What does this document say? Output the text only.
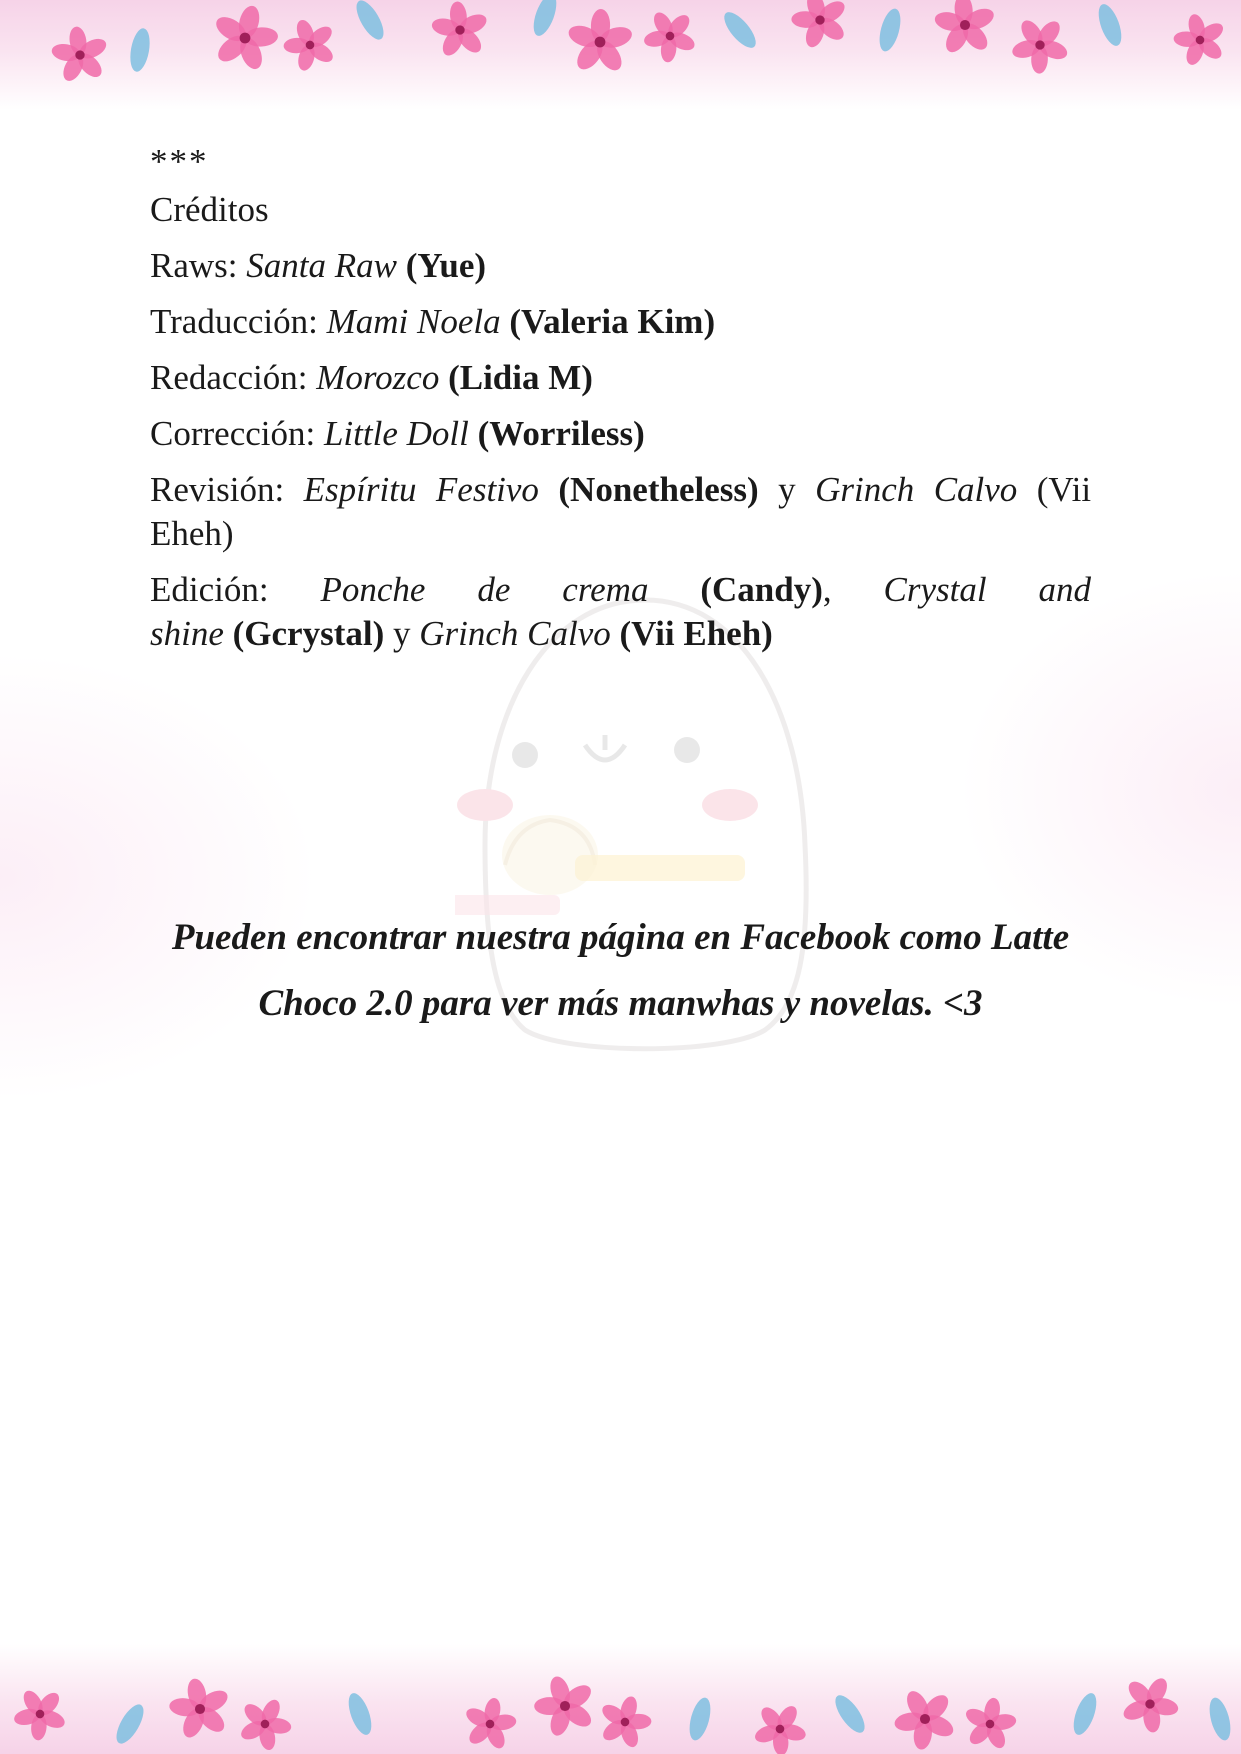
***

Créditos

Raws: Santa Raw (Yue)

Traducción: Mami Noela (Valeria Kim)

Redacción: Morozco (Lidia M)

Corrección: Little Doll (Worriless)

Revisión: Espíritu Festivo (Nonetheless) y Grinch Calvo (Vii Eheh)

Edición: Ponche de crema (Candy), Crystal and shine (Gcrystal) y Grinch Calvo (Vii Eheh)

Pueden encontrar nuestra página en Facebook como Latte Choco 2.0 para ver más manwhas y novelas. <3
